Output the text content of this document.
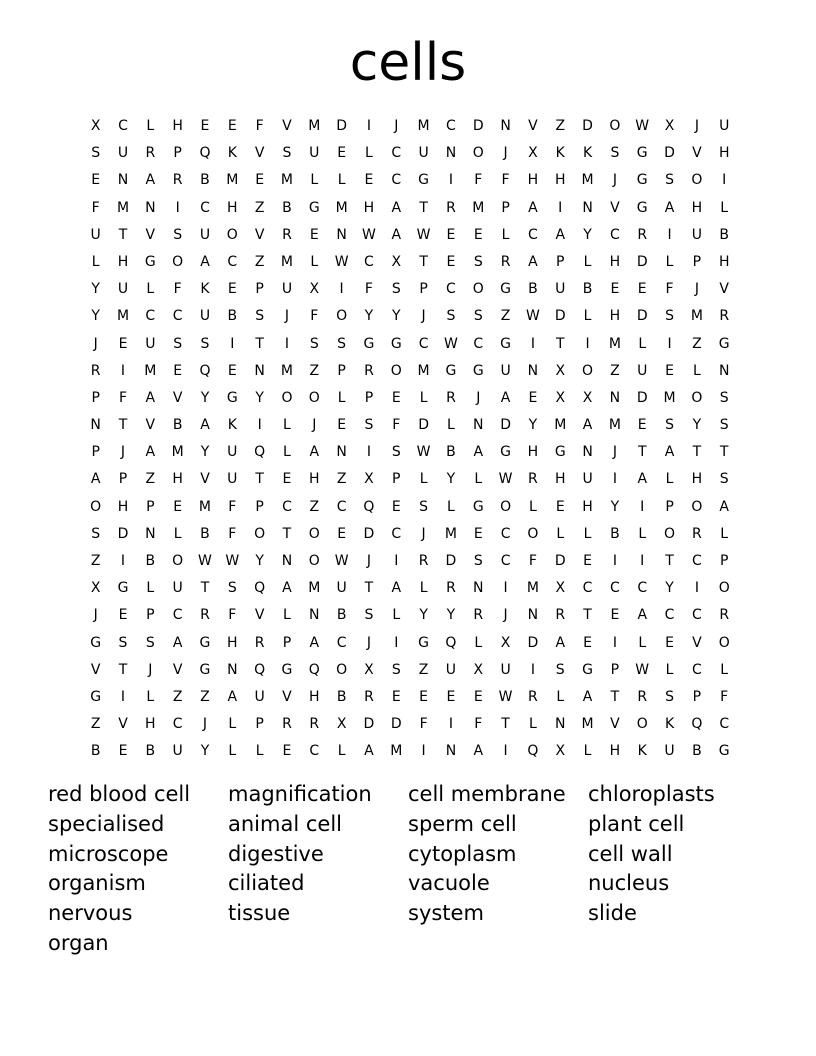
cells
X	C	L	H	E	E	F	V	M	D	I	J	M	C	D	N	V	Z	D	O	W	X	J	U
S	U	R	P	Q	K	V	S	U	E	L	C	U	N	O	J	X	K	K	S	G	D	V	H
E	N	A	R	B	M	E	M	L	L	E	C	G	I	F	F	H	H	M	J	G	S	O	I
F	M	N	I	C	H	Z	B	G	M	H	A	T	R	M	P	A	I	N	V	G	A	H	L
U	T	V	S	U	O	V	R	E	N	W	A	W	E	E	L	C	A	Y	C	R	I	U	B
L	H	G	O	A	C	Z	M	L	W	C	X	T	E	S	R	A	P	L	H	D	L	P	H
Y	U	L	F	K	E	P	U	X	I	F	S	P	C	O	G	B	U	B	E	E	F	J	V
Y	M	C	C	U	B	S	J	F	O	Y	Y	J	S	S	Z	W	D	L	H	D	S	M	R
J	E	U	S	S	I	T	I	S	S	G	G	C	W	C	G	I	T	I	M	L	I	Z	G
R	I	M	E	Q	E	N	M	Z	P	R	O	M	G	G	U	N	X	O	Z	U	E	L	N
P	F	A	V	Y	G	Y	O	O	L	P	E	L	R	J	A	E	X	X	N	D	M	O	S
N	T	V	B	A	K	I	L	J	E	S	F	D	L	N	D	Y	M	A	M	E	S	Y	S
P	J	A	M	Y	U	Q	L	A	N	I	S	W	B	A	G	H	G	N	J	T	A	T	T
A	P	Z	H	V	U	T	E	H	Z	X	P	L	Y	L	W	R	H	U	I	A	L	H	S
O	H	P	E	M	F	P	C	Z	C	Q	E	S	L	G	O	L	E	H	Y	I	P	O	A
S	D	N	L	B	F	O	T	O	E	D	C	J	M	E	C	O	L	L	B	L	O	R	L
Z	I	B	O	W W	Y	N	O	W	J	I	R	D	S	C	F	D	E	I	I	T	C	P
X	G	L	U	T	S	Q	A	M	U	T	A	L	R	N	I	M	X	C	C	C	Y	I	O
J	E	P	C	R	F	V	L	N	B	S	L	Y	Y	R	J	N	R	T	E	A	C	C	R
G	S	S	A	G	H	R	P	A	C	J	I	G	Q	L	X	D	A	E	I	L	E	V	O
V	T	J	V	G	N	Q	G	Q	O	X	S	Z	U	X	U	I	S	G	P	W	L	C	L
G	I	L	Z	Z	A	U	V	H	B	R	E	E	E	E	W	R	L	A	T	R	S	P	F
Z	V	H	C	J	L	P	R	R	X	D	D	F	I	F	T	L	N	M	V	O	K	Q	C
B	E	B	U	Y	L	L	E	C	L	A	M	I	N	A	I	Q	X	L	H	K	U	B	G
red blood cell	magnification	cell membrane	chloroplasts
specialised	animal cell	sperm cell	plant cell
microscope	digestive	cytoplasm	cell wall
organism	ciliated	vacuole	nucleus
nervous	tissue	system	slide
organ
